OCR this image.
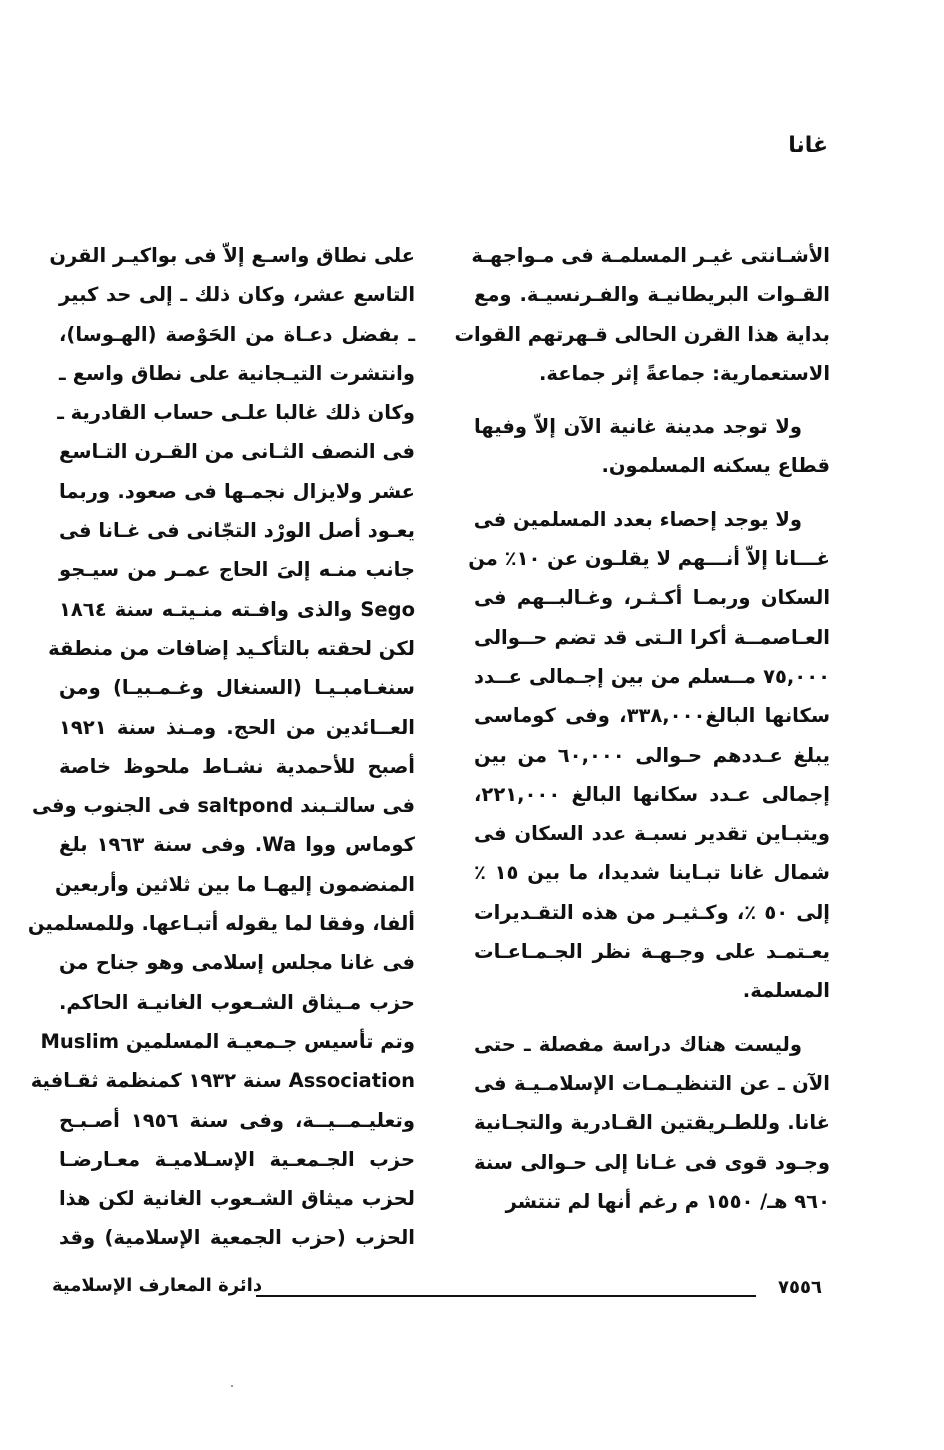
غانا
الأشـانتى غيـر المسلمـة فى مـواجهـة
القـوات البريطانيـة والفـرنسيـة. ومع
بداية هذا القرن الحالى قـهرتهم القوات
الاستعمارية: جماعةً إثر جماعة.
ولا توجد مدينة غانية الآن إلاّ وفيها
قطاع يسكنه المسلمون.
ولا يوجد إحصاء بعدد المسلمين فى
غـــانا إلاّ أنـــهم لا يقلـون عن ١٠٪ من
السكان وربمـا أكـثـر، وغـالبــهم فى
العـاصمــة أكرا الـتى قد تضم حــوالى
٧٥,٠٠٠ مــسلم من بين إجـمالى عــدد
سكانها البالغ٣٣٨,٠٠٠، وفى كوماسى
يبلغ عـددهم حـوالى ٦٠,٠٠٠ من بين
إجمالى عـدد سكانها البالغ ٢٢١,٠٠٠،
ويتبـاين تقدير نسبـة عدد السكان فى
شمال غانا تبـاينا شديدا، ما بين ١٥ ٪
إلى ٥٠ ٪، وكـثيـر من هذه التقـديرات
يعـتمـد على وجـهـة نظر الجـمـاعـات
المسلمة.
وليست هناك دراسة مفصلة ـ حتى
الآن ـ عن التنظيـمـات الإسلامـيـة فى
غانا. وللطـريقتين القـادرية والتجـانية
وجـود قوى فى غـانا إلى حـوالى سنة
٩٦٠ هـ/ ١٥٥٠ م رغم أنها لم تنتشر
على نطاق واسـع إلاّ فى بواكيـر القرن
التاسع عشر، وكان ذلك ـ إلى حد كبير
ـ بفضل دعـاة من الحَوْصة (الهـوسا)،
وانتشرت التيـجانية على نطاق واسع ـ
وكان ذلك غالبا علـى حساب القادرية ـ
فى النصف الثـانى من القـرن التـاسع
عشر ولايزال نجمـها فى صعود. وربما
يعـود أصل الورْد التجّانى فى غـانا فى
جانب منـه إلىَ الحاج عمـر من سيـجو
Sego والذى وافـته منـيتـه سنة ١٨٦٤
لكن لحقته بالتأكـيد إضافات من منطقة
سنغـامبـيـا (السنغال وغـمـبيـا) ومن
العــائدين من الحج. ومـنذ سنة ١٩٢١
أصبح للأحمدية نشـاط ملحوظ خاصة
فى سالتـبند saltpond فى الجنوب وفى
كوماس ووا Wa. وفى سنة ١٩٦٣ بلغ
المنضمون إليهـا ما بين ثلاثين وأربعين
ألفا، وفقا لما يقوله أتبـاعها. وللمسلمين
فى غانا مجلس إسلامى وهو جناح من
حزب مـيثاق الشـعوب الغانيـة الحاكم.
وتم تأسيس جـمعيـة المسلمين Muslim
Association سنة ١٩٣٢ كمنظمة ثقـافية
وتعليـمــيــة، وفى سنة ١٩٥٦ أصـبـح
حزب الجـمعـية الإسـلاميـة معـارضـا
لحزب ميثاق الشـعوب الغانية لكن هذا
الحزب (حزب الجمعية الإسلامية) وقد
٧٥٥٦
دائرة المعارف الإسلامية
